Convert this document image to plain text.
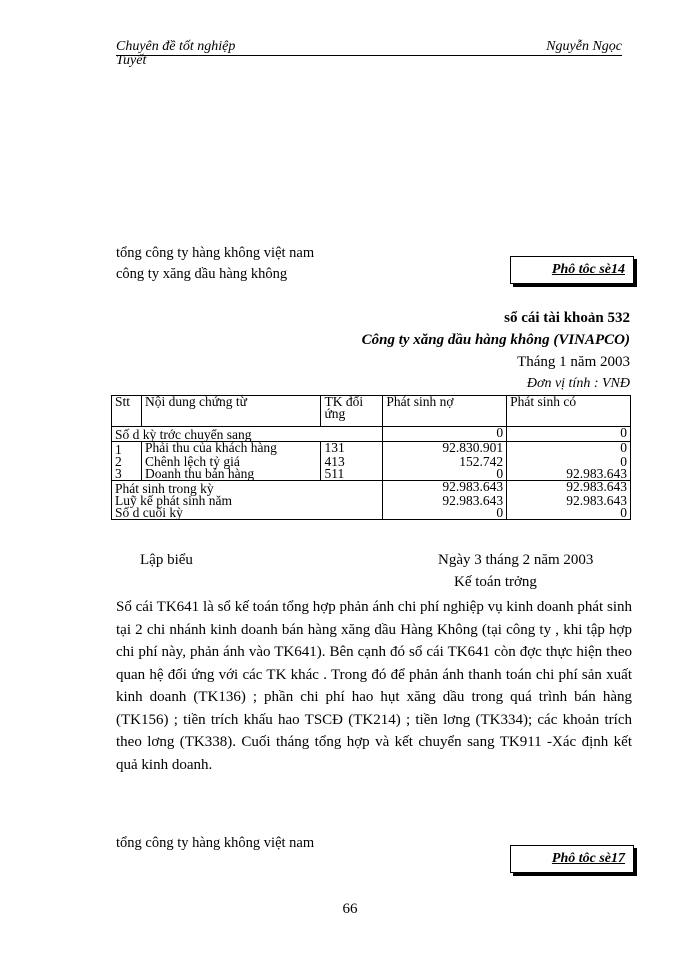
Chuyên đề tốt nghiệp	Nguyễn Ngọc
Tuyết
tổng công ty hàng không việt nam
công ty xăng dầu hàng không	Phô tôc sè14
sổ cái tài khoản 532
Công ty xăng dầu hàng không (VINAPCO)
Tháng 1 năm 2003
Đơn vị tính : VNĐ
Stt	Nội dung chứng từ	TK đối ứng	Phát sinh nợ	Phát sinh có
Số d kỳ trớc chuyển sang			0	0
1	Phải thu của khách hàng	131	92.830.901	0
2	Chênh lệch tỷ giá	413	152.742	0
3	Doanh thu bán hàng	511	0	92.983.643
Phát sinh trong kỳ			92.983.643	92.983.643
Luỹ kế phát sinh năm			92.983.643	92.983.643
Số d cuối kỳ			0	0
Lập biểu	Ngày 3 tháng 2 năm 2003
Kế toán trởng
Sổ cái TK641 là sổ kế toán tổng hợp phản ánh chi phí nghiệp vụ kinh doanh phát sinh tại 2 chi nhánh kinh doanh bán hàng xăng dầu Hàng Không (tại công ty , khi tập hợp chi phí này, phản ánh vào TK641). Bên cạnh đó sổ cái TK641 còn đợc thực hiện theo quan hệ đối ứng với các TK khác . Trong đó để phản ánh thanh toán chi phí sản xuất kinh doanh (TK136) ; phần chi phí hao hụt xăng dầu trong quá trình bán hàng (TK156) ; tiền trích khấu hao TSCĐ (TK214) ; tiền lơng (TK334); các khoản trích theo lơng (TK338). Cuối tháng tổng hợp và kết chuyển sang TK911 -Xác định kết quả kinh doanh.
tổng công ty hàng không việt nam
Phô tôc sè17
66
